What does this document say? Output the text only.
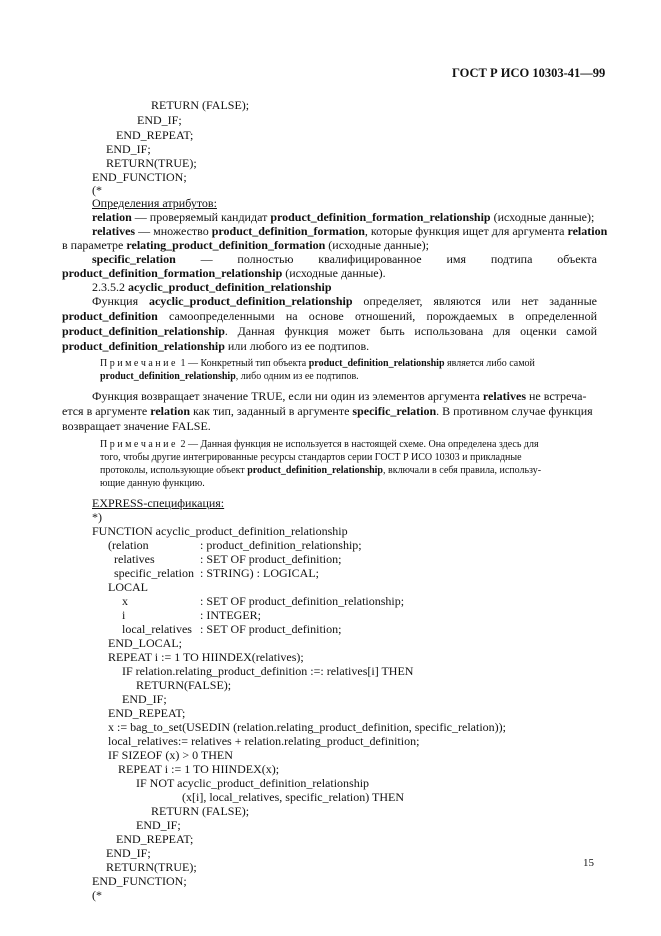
ГОСТ Р ИСО 10303-41—99
RETURN (FALSE);
END_IF;
END_REPEAT;
END_IF;
RETURN(TRUE);
END_FUNCTION;
(*
Определения атрибутов:
relation — проверяемый кандидат product_definition_formation_relationship (исходные данные);
relatives — множество product_definition_formation, которые функция ищет для аргумента relation
в параметре relating_product_definition_formation (исходные данные);
specific_relation — полностью квалифицированное имя подтипа объекта
product_definition_formation_relationship (исходные данные).
2.3.5.2 acyclic_product_definition_relationship
Функция acyclic_product_definition_relationship определяет, являются или нет заданные
product_definition самоопределенными на основе отношений, порождаемых в определенной
product_definition_relationship. Данная функция может быть использована для оценки самой
product_definition_relationship или любого из ее подтипов.
П р и м е ч а н и е  1 — Конкретный тип объекта product_definition_relationship является либо самой
product_definition_relationship, либо одним из ее подтипов.
Функция возвращает значение TRUE, если ни один из элементов аргумента relatives не встреча-
ется в аргументе relation как тип, заданный в аргументе specific_relation. В противном случае функция
возвращает значение FALSE.
П р и м е ч а н и е  2 — Данная функция не используется в настоящей схеме. Она определена здесь для
того, чтобы другие интегрированные ресурсы стандартов серии ГОСТ Р ИСО 10303 и прикладные
протоколы, использующие объект product_definition_relationship, включали в себя правила, использу-
ющие данную функцию.
EXPRESS-спецификация:
*)
FUNCTION acyclic_product_definition_relationship
(relation	: product_definition_relationship;
relatives	: SET OF product_definition;
specific_relation : STRING) : LOGICAL;
LOCAL
x	: SET OF product_definition_relationship;
i	: INTEGER;
local_relatives : SET OF product_definition;
END_LOCAL;
REPEAT i := 1 TO HIINDEX(relatives);
IF relation.relating_product_definition :=: relatives[i] THEN
RETURN(FALSE);
END_IF;
END_REPEAT;
x := bag_to_set(USEDIN (relation.relating_product_definition, specific_relation));
local_relatives:= relatives + relation.relating_product_definition;
IF SIZEOF (x) > 0 THEN
REPEAT i := 1 TO HIINDEX(x);
IF NOT acyclic_product_definition_relationship
(x[i], local_relatives, specific_relation) THEN
RETURN (FALSE);
END_IF;
END_REPEAT;
END_IF;
RETURN(TRUE);
END_FUNCTION;
(*
15
